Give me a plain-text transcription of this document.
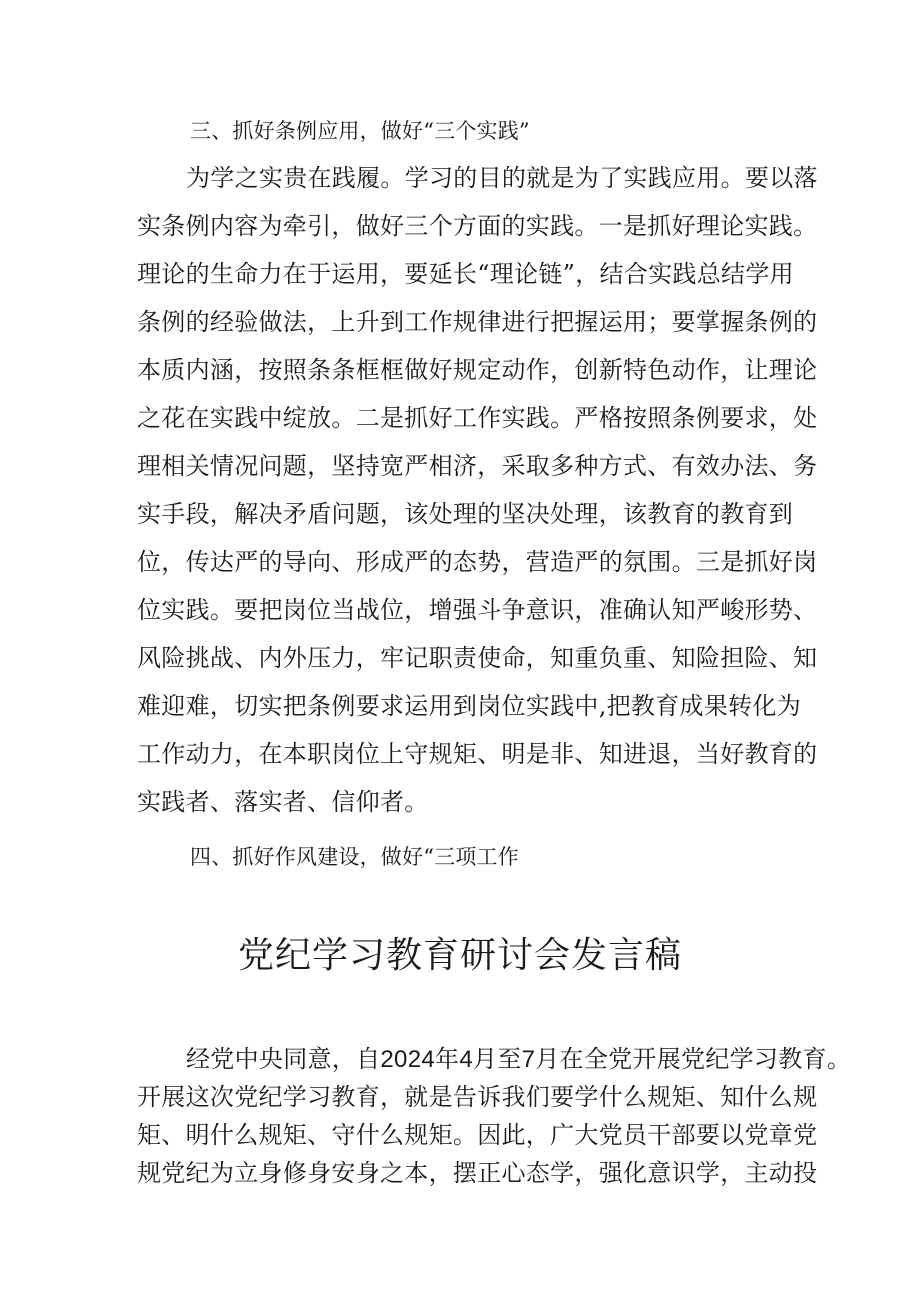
三、抓好条例应用，做好“三个实践”
为学之实贵在践履。学习的目的就是为了实践应用。要以落
实条例内容为牵引，做好三个方面的实践。一是抓好理论实践。
理论的生命力在于运用，要延长“理论链”，结合实践总结学用
条例的经验做法，上升到工作规律进行把握运用；要掌握条例的
本质内涵，按照条条框框做好规定动作，创新特色动作，让理论
之花在实践中绽放。二是抓好工作实践。严格按照条例要求，处
理相关情况问题，坚持宽严相济，采取多种方式、有效办法、务
实手段，解决矛盾问题，该处理的坚决处理，该教育的教育到
位，传达严的导向、形成严的态势，营造严的氛围。三是抓好岗
位实践。要把岗位当战位，增强斗争意识，准确认知严峻形势、
风险挑战、内外压力，牢记职责使命，知重负重、知险担险、知
难迎难，切实把条例要求运用到岗位实践中,把教育成果转化为
工作动力，在本职岗位上守规矩、明是非、知进退，当好教育的
实践者、落实者、信仰者。
四、抓好作风建设，做好“三项工作
党纪学习教育研讨会发言稿
经党中央同意，自2024年4月至7月在全党开展党纪学习教育。
开展这次党纪学习教育，就是告诉我们要学什么规矩、知什么规
矩、明什么规矩、守什么规矩。因此，广大党员干部要以党章党
规党纪为立身修身安身之本，摆正心态学，强化意识学，主动投
